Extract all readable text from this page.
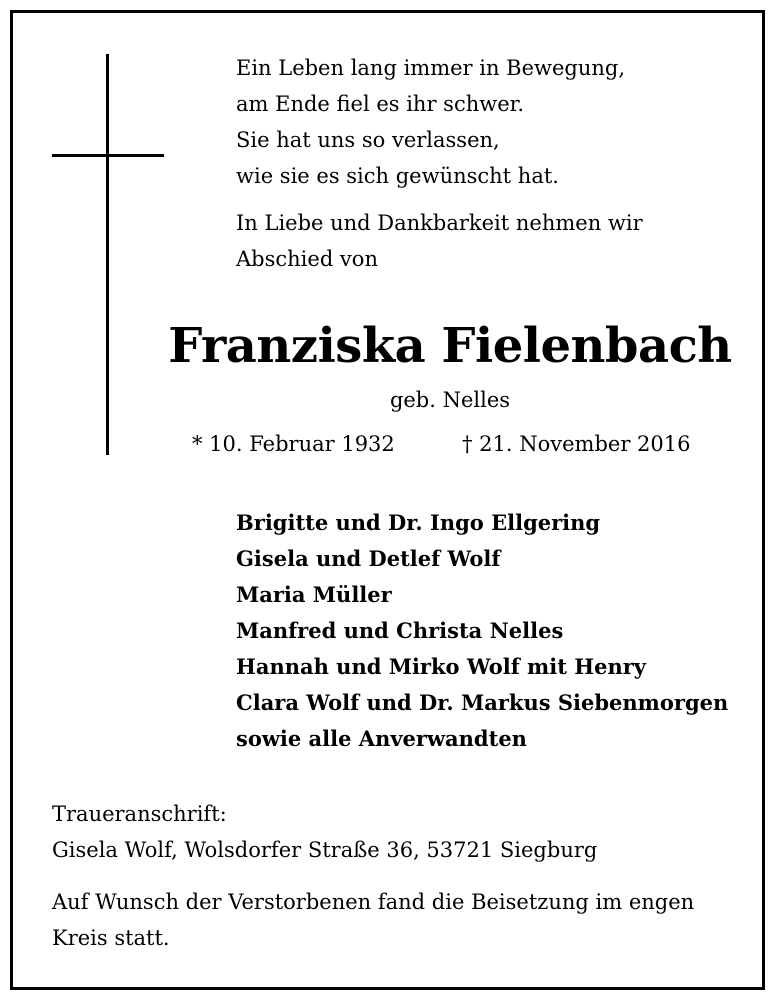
Ein Leben lang immer in Bewegung,
am Ende fiel es ihr schwer.
Sie hat uns so verlassen,
wie sie es sich gewünscht hat.
In Liebe und Dankbarkeit nehmen wir
Abschied von
Franziska Fielenbach
geb. Nelles
* 10. Februar 1932	† 21. November 2016
Brigitte und Dr. Ingo Ellgering
Gisela und Detlef Wolf
Maria Müller
Manfred und Christa Nelles
Hannah und Mirko Wolf mit Henry
Clara Wolf und Dr. Markus Siebenmorgen
sowie alle Anverwandten
Traueranschrift:
Gisela Wolf, Wolsdorfer Straße 36, 53721 Siegburg
Auf Wunsch der Verstorbenen fand die Beisetzung im engen
Kreis statt.
